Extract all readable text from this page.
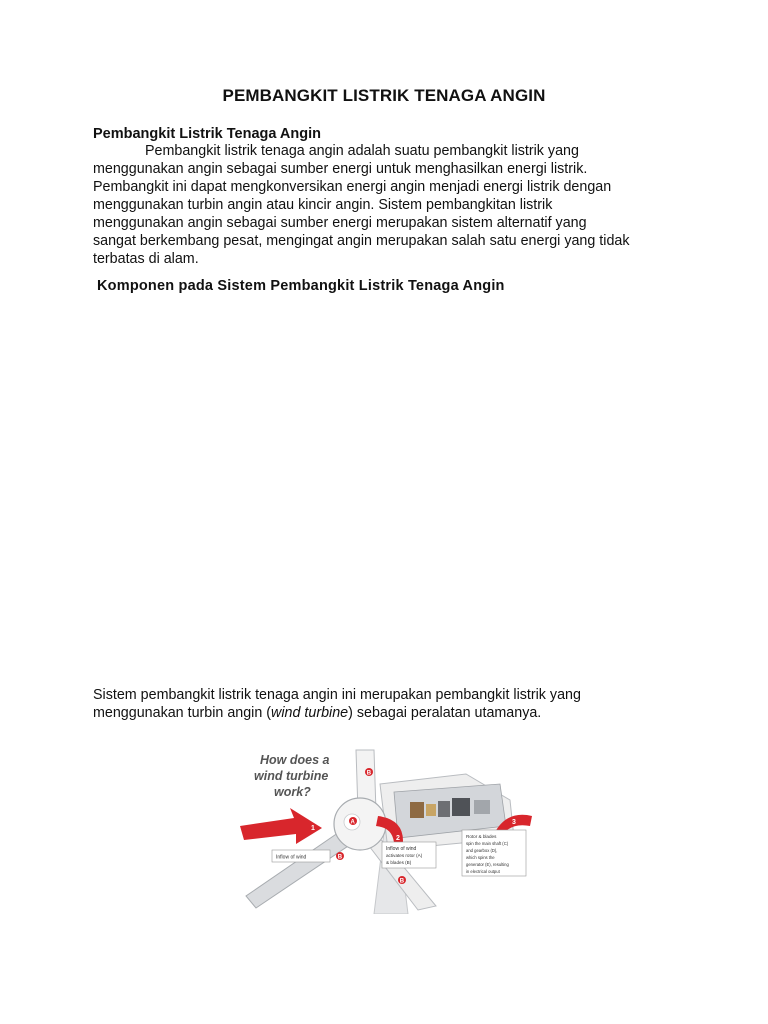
PEMBANGKIT LISTRIK TENAGA ANGIN
Pembangkit Listrik Tenaga Angin
Pembangkit listrik tenaga angin adalah suatu pembangkit listrik yang
menggunakan angin sebagai sumber energi untuk menghasilkan energi listrik.
Pembangkit ini dapat mengkonversikan energi angin menjadi energi listrik dengan
menggunakan turbin angin atau kincir angin. Sistem pembangkitan listrik
menggunakan angin sebagai sumber energi merupakan sistem alternatif yang
sangat berkembang pesat, mengingat angin merupakan salah satu energi yang tidak
terbatas di alam.
Komponen pada Sistem Pembangkit Listrik Tenaga Angin
Sistem pembangkit listrik tenaga angin ini merupakan pembangkit listrik yang
menggunakan turbin angin (wind turbine) sebagai peralatan utamanya.
How does a
wind turbine
work?
1
2
3
A
B
B
B
Inflow of wind
Inflow of wind
activates rotor (A)
& blades (B)
Rotor & blades
spin the main shaft (C)
and gearbox (D),
which spins the
generator (E), resulting
in electrical output
